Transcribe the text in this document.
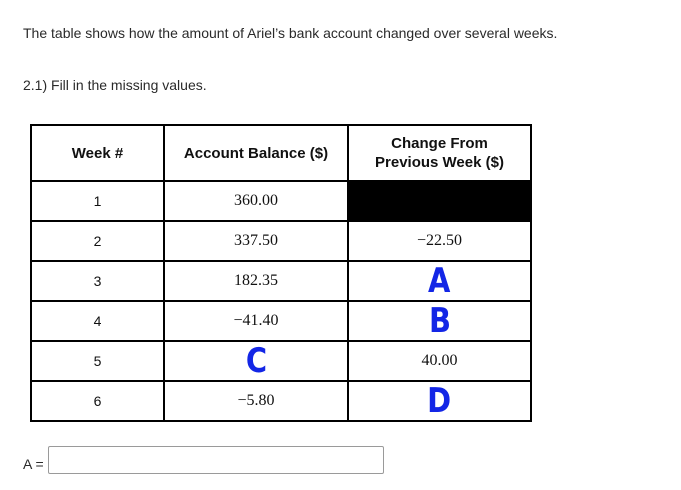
The table shows how the amount of Ariel’s bank account changed over several weeks.
2.1) Fill in the missing values.
Week #	Account Balance ($)	Change From
Previous Week ($)
1	360.00	
2	337.50	−22.50
3	182.35	A
4	−41.40	B
5	C	40.00
6	−5.80	D
A =
